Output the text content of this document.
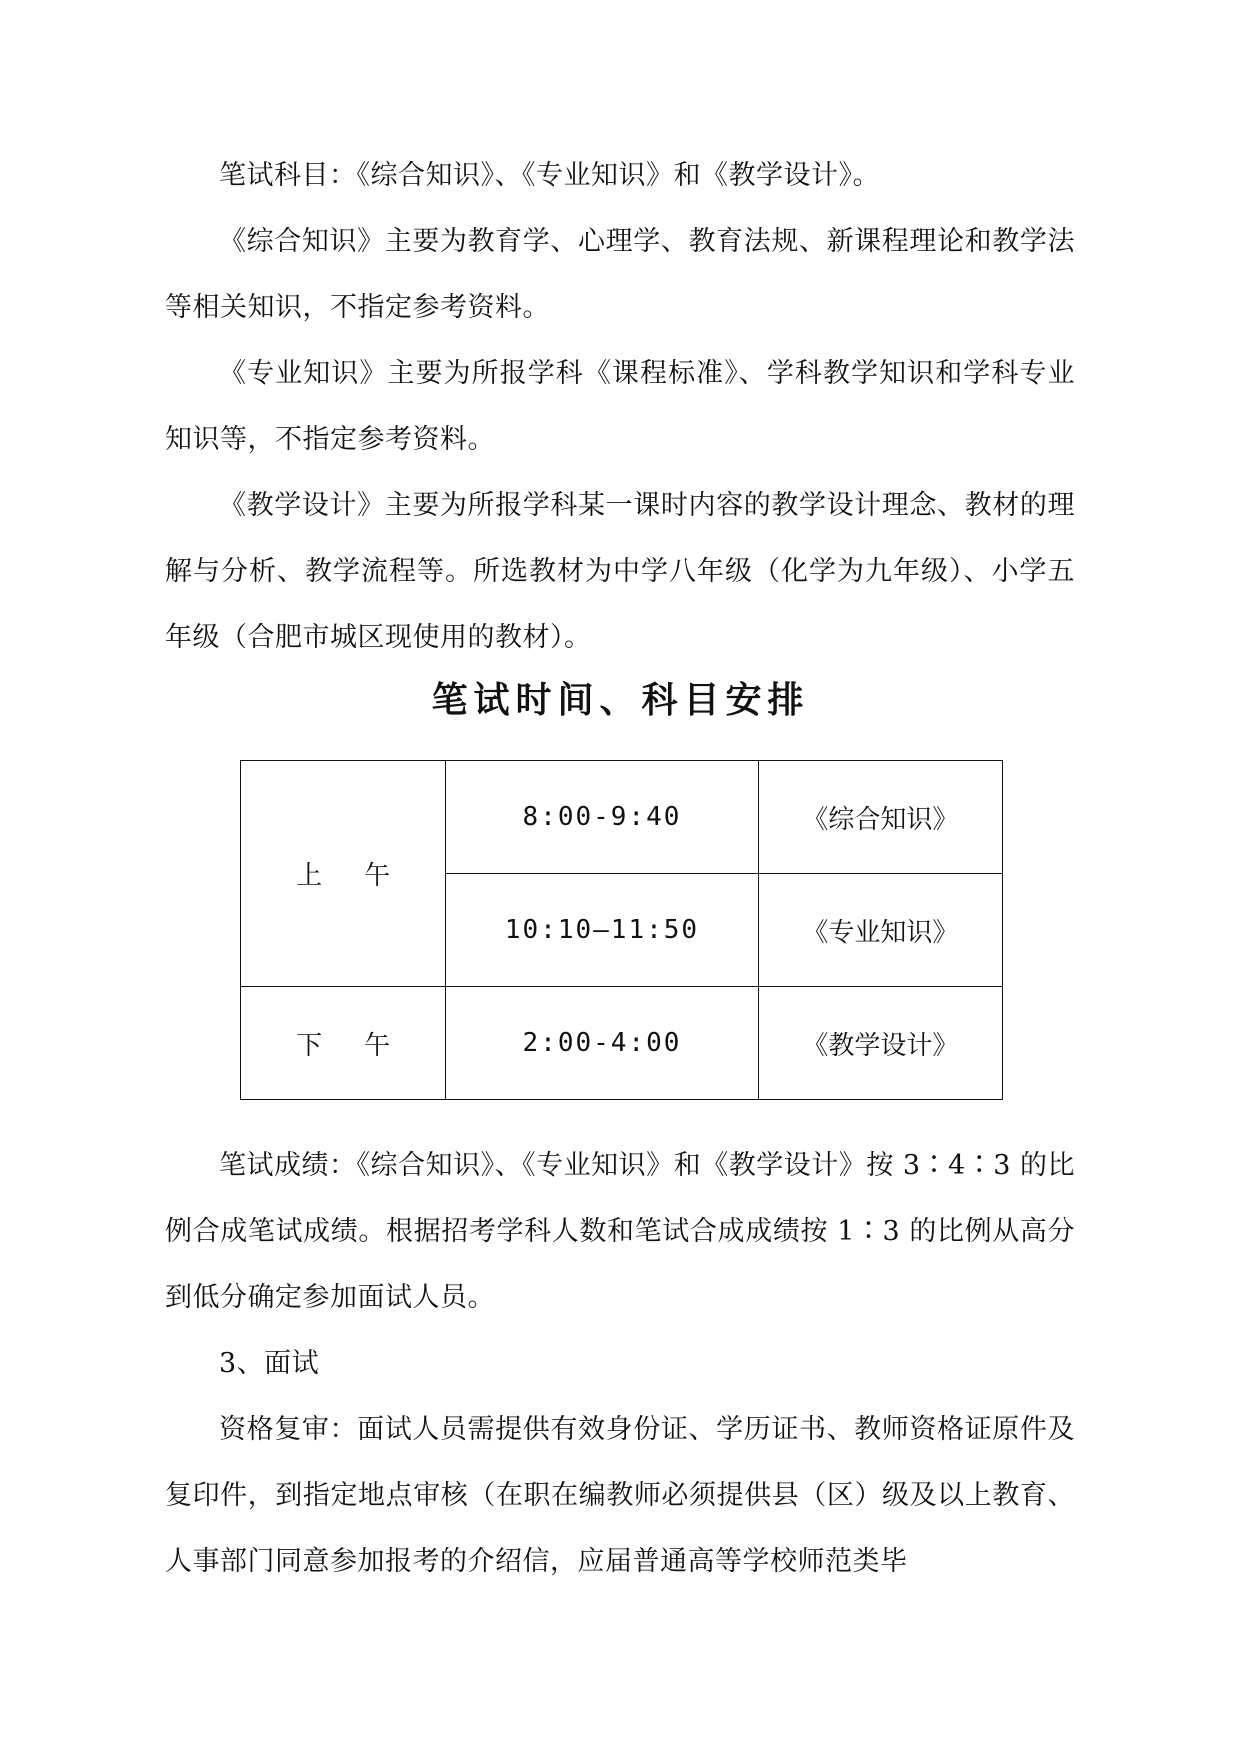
笔试科目：《综合知识》、《专业知识》和《教学设计》。

《综合知识》主要为教育学、心理学、教育法规、新课程理论和教学法等相关知识，不指定参考资料。

《专业知识》主要为所报学科《课程标准》、学科教学知识和学科专业知识等，不指定参考资料。

《教学设计》主要为所报学科某一课时内容的教学设计理念、教材的理解与分析、教学流程等。所选教材为中学八年级（化学为九年级）、小学五年级（合肥市城区现使用的教材）。

笔试时间、科目安排
上午	8:00-9:40	《综合知识》
	10:10—11:50	《专业知识》
下午	2:00-4:00	《教学设计》

笔试成绩：《综合知识》、《专业知识》和《教学设计》按 3∶4∶3 的比例合成笔试成绩。根据招考学科人数和笔试合成成绩按 1∶3 的比例从高分到低分确定参加面试人员。

3、面试

资格复审：面试人员需提供有效身份证、学历证书、教师资格证原件及复印件，到指定地点审核（在职在编教师必须提供县（区）级及以上教育、人事部门同意参加报考的介绍信，应届普通高等学校师范类毕
